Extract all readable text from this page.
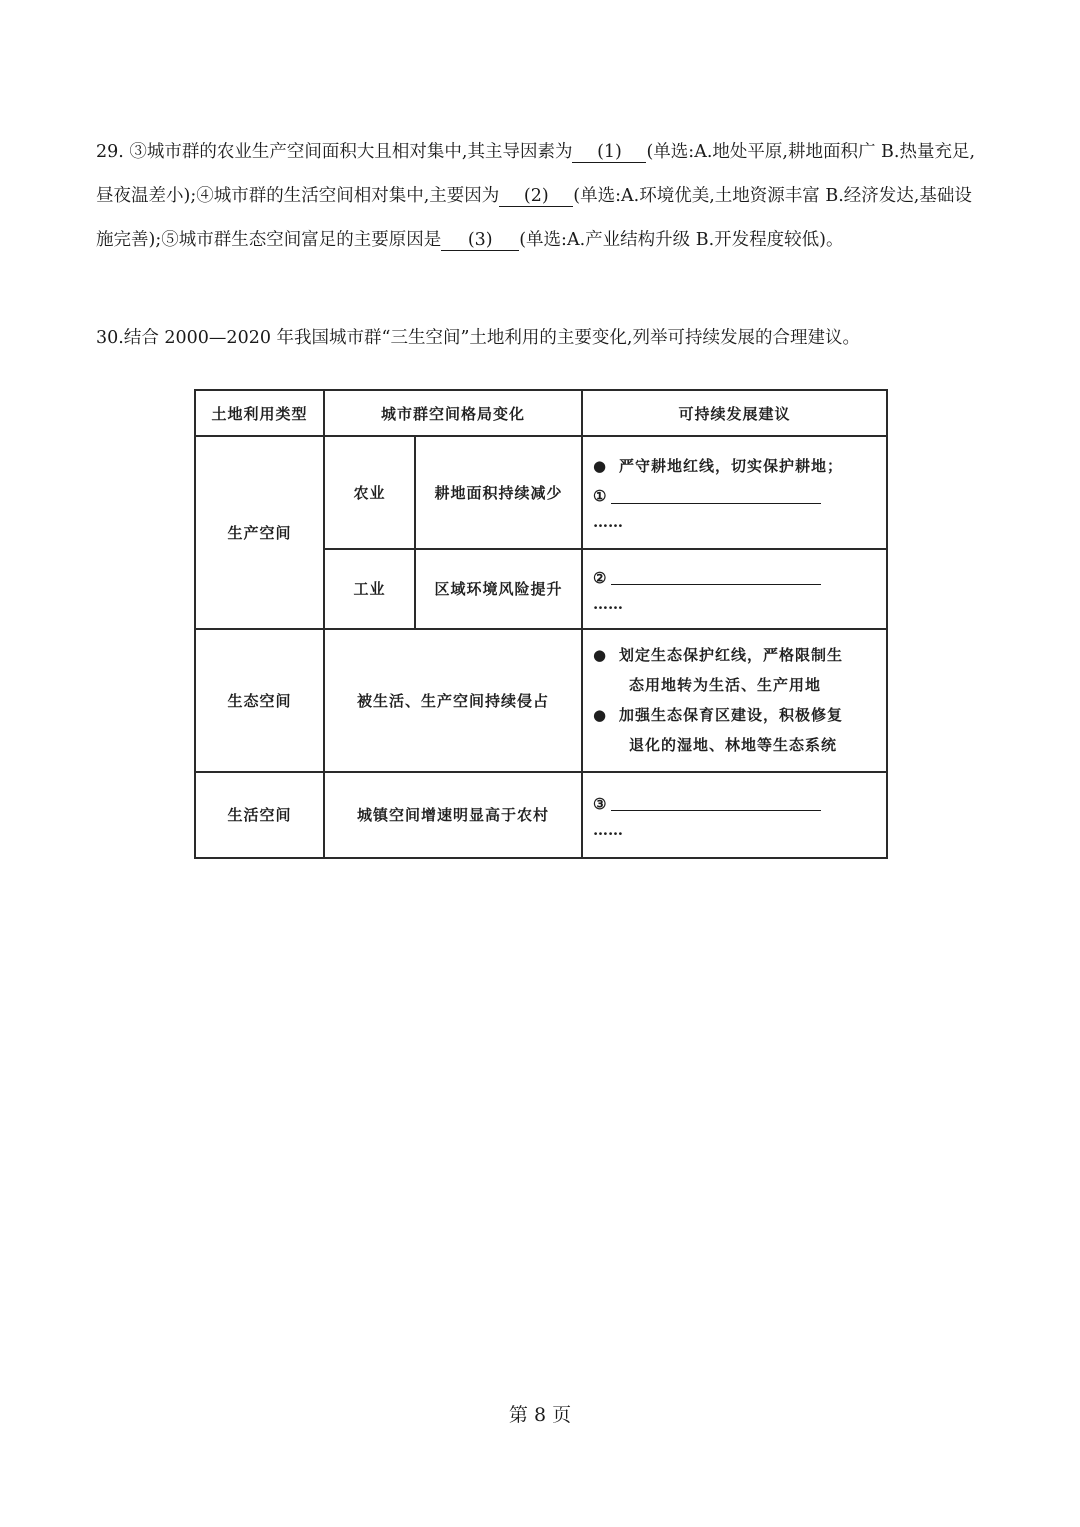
29. ③城市群的农业生产空间面积大且相对集中,其主导因素为 (1) (单选:A.地处平原,耕地面积广 B.热量充足,昼夜温差小);④城市群的生活空间相对集中,主要因为 (2) (单选:A.环境优美,土地资源丰富 B.经济发达,基础设施完善);⑤城市群生态空间富足的主要原因是 (3) (单选:A.产业结构升级 B.开发程度较低)。
30.结合 2000—2020 年我国城市群“三生空间”土地利用的主要变化,列举可持续发展的合理建议。
土地利用类型	城市群空间格局变化		可持续发展建议
生产空间	农业	耕地面积持续减少	● 严守耕地红线，切实保护耕地；
①
……

	工业	区域环境风险提升	②
……

生态空间	被生活、生产空间持续侵占		● 划定生态保护红线，严格限制生
态用地转为生活、生产用地
● 加强生态保育区建设，积极修复
退化的湿地、林地等生态系统

生活空间	城镇空间增速明显高于农村		③
……
第 8 页
